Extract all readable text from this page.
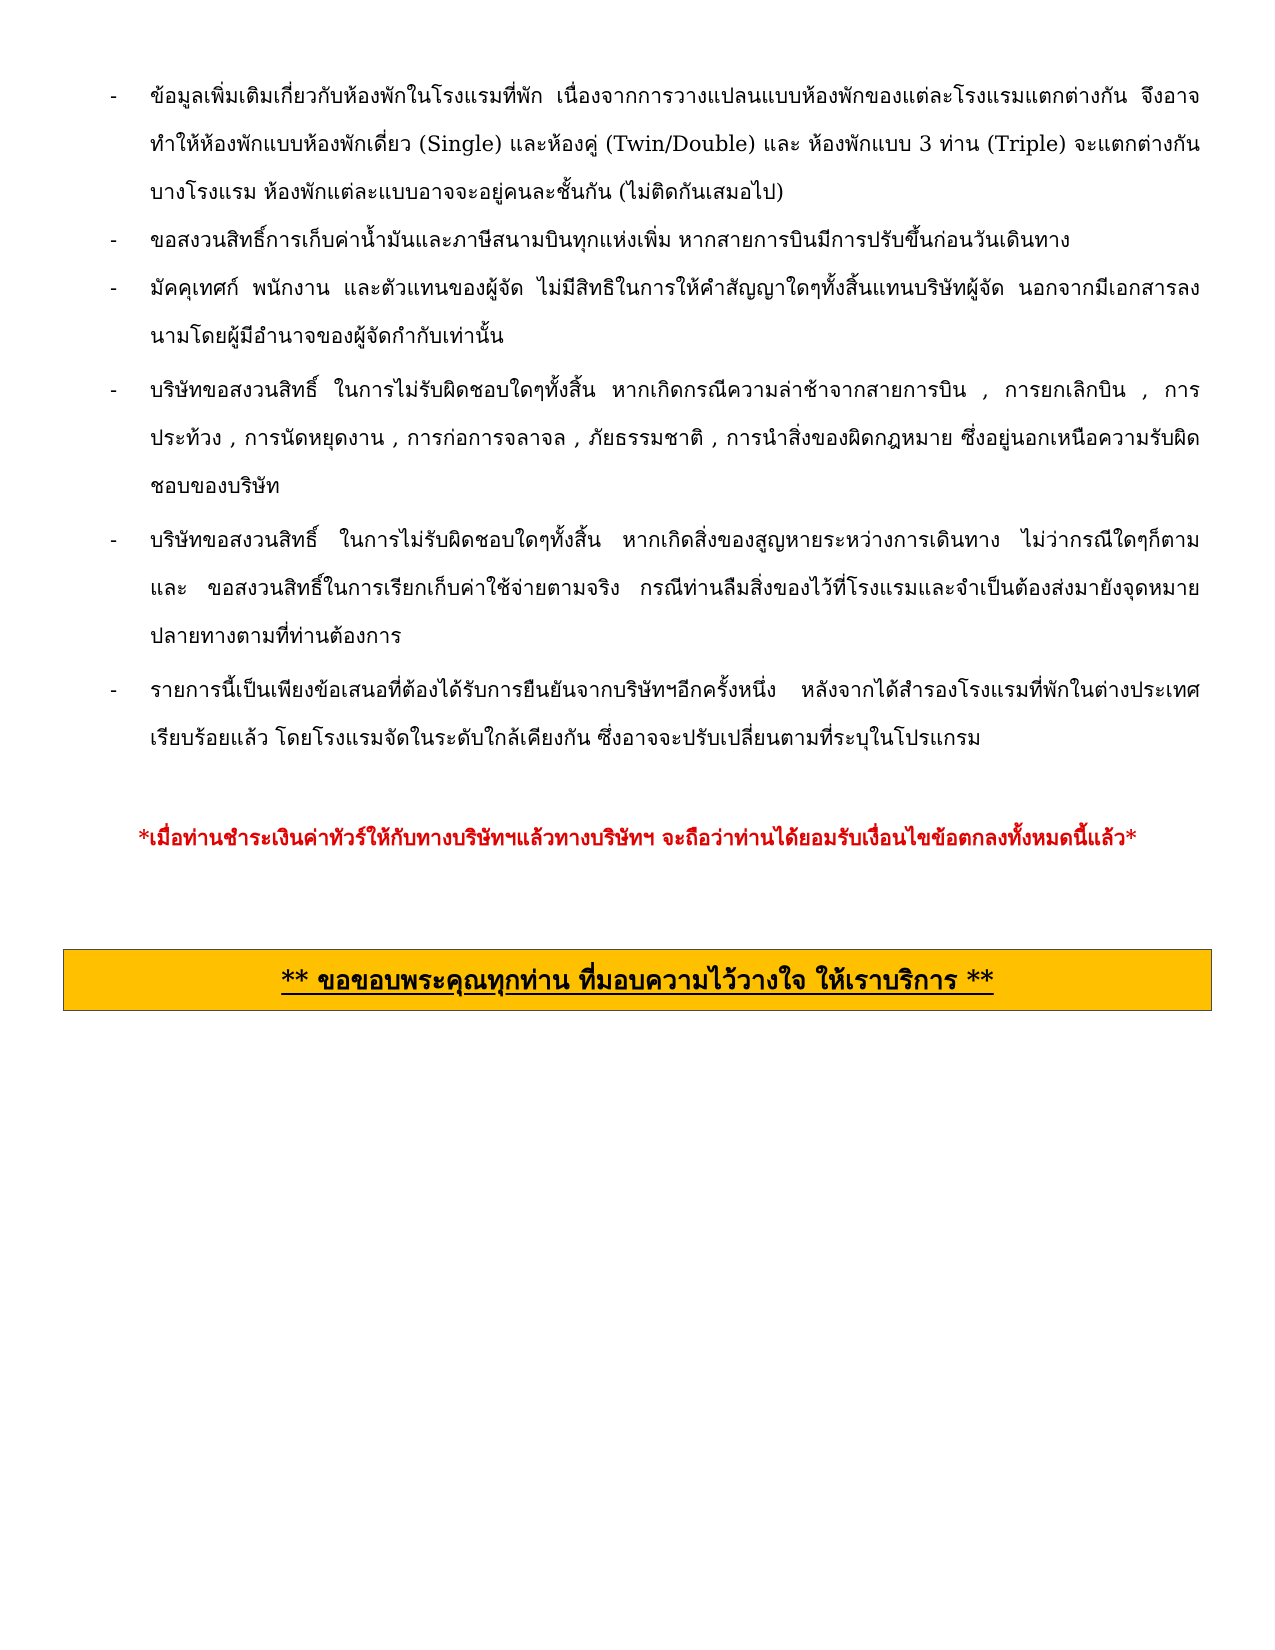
-	ข้อมูลเพิ่มเติมเกี่ยวกับห้องพักในโรงแรมที่พัก เนื่องจากการวางแปลนแบบห้องพักของแต่ละโรงแรมแตกต่างกัน จึงอาจทำให้ห้องพักแบบห้องพักเดี่ยว (Single) และห้องคู่ (Twin/Double) และ ห้องพักแบบ 3 ท่าน (Triple) จะแตกต่างกัน บางโรงแรม ห้องพักแต่ละแบบอาจจะอยู่คนละชั้นกัน (ไม่ติดกันเสมอไป)
-	ขอสงวนสิทธิ์การเก็บค่าน้ำมันและภาษีสนามบินทุกแห่งเพิ่ม หากสายการบินมีการปรับขึ้นก่อนวันเดินทาง
-	มัคคุเทศก์ พนักงาน และตัวแทนของผู้จัด ไม่มีสิทธิในการให้คำสัญญาใดๆทั้งสิ้นแทนบริษัทผู้จัด นอกจากมีเอกสารลงนามโดยผู้มีอำนาจของผู้จัดกำกับเท่านั้น
-	บริษัทขอสงวนสิทธิ์ ในการไม่รับผิดชอบใดๆทั้งสิ้น หากเกิดกรณีความล่าช้าจากสายการบิน , การยกเลิกบิน , การประท้วง , การนัดหยุดงาน , การก่อการจลาจล , ภัยธรรมชาติ , การนำสิ่งของผิดกฎหมาย ซึ่งอยู่นอกเหนือความรับผิดชอบของบริษัท
-	บริษัทขอสงวนสิทธิ์ ในการไม่รับผิดชอบใดๆทั้งสิ้น หากเกิดสิ่งของสูญหายระหว่างการเดินทาง ไม่ว่ากรณีใดๆก็ตาม และ ขอสงวนสิทธิ์ในการเรียกเก็บค่าใช้จ่ายตามจริง กรณีท่านลืมสิ่งของไว้ที่โรงแรมและจำเป็นต้องส่งมายังจุดหมายปลายทางตามที่ท่านต้องการ
-	รายการนี้เป็นเพียงข้อเสนอที่ต้องได้รับการยืนยันจากบริษัทฯอีกครั้งหนึ่ง หลังจากได้สำรองโรงแรมที่พักในต่างประเทศเรียบร้อยแล้ว โดยโรงแรมจัดในระดับใกล้เคียงกัน ซึ่งอาจจะปรับเปลี่ยนตามที่ระบุในโปรแกรม
*เมื่อท่านชำระเงินค่าทัวร์ให้กับทางบริษัทฯแล้วทางบริษัทฯ จะถือว่าท่านได้ยอมรับเงื่อนไขข้อตกลงทั้งหมดนี้แล้ว*
** ขอขอบพระคุณทุกท่าน ที่มอบความไว้วางใจ ให้เราบริการ **
